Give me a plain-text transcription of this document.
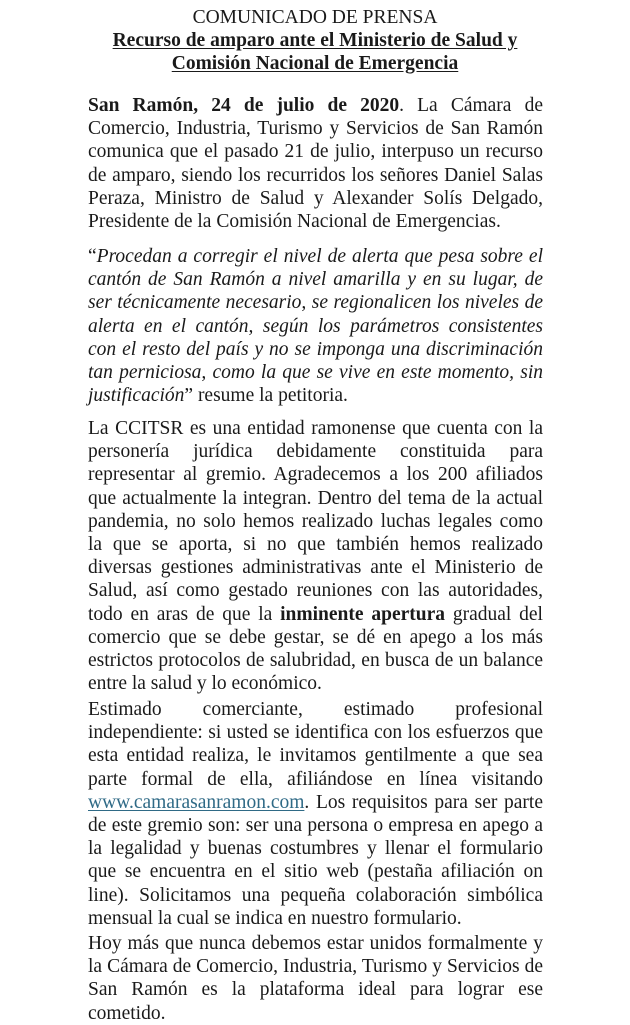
COMUNICADO DE PRENSA
Recurso de amparo ante el Ministerio de Salud y
Comisión Nacional de Emergencia

San Ramón, 24 de julio de 2020. La Cámara de Comercio, Industria, Turismo y Servicios de San Ramón comunica que el pasado 21 de julio, interpuso un recurso de amparo, siendo los recurridos los señores Daniel Salas Peraza, Ministro de Salud y Alexander Solís Delgado, Presidente de la Comisión Nacional de Emergencias.

“Procedan a corregir el nivel de alerta que pesa sobre el cantón de San Ramón a nivel amarilla y en su lugar, de ser técnicamente necesario, se regionalicen los niveles de alerta en el cantón, según los parámetros consistentes con el resto del país y no se imponga una discriminación tan perniciosa, como la que se vive en este momento, sin justificación” resume la petitoria.

La CCITSR es una entidad ramonense que cuenta con la personería jurídica debidamente constituida para representar al gremio. Agradecemos a los 200 afiliados que actualmente la integran. Dentro del tema de la actual pandemia, no solo hemos realizado luchas legales como la que se aporta, si no que también hemos realizado diversas gestiones administrativas ante el Ministerio de Salud, así como gestado reuniones con las autoridades, todo en aras de que la inminente apertura gradual del comercio que se debe gestar, se dé en apego a los más estrictos protocolos de salubridad, en busca de un balance entre la salud y lo económico.

Estimado comerciante, estimado profesional independiente: si usted se identifica con los esfuerzos que esta entidad realiza, le invitamos gentilmente a que sea parte formal de ella, afiliándose en línea visitando www.camarasanramon.com. Los requisitos para ser parte de este gremio son: ser una persona o empresa en apego a la legalidad y buenas costumbres y llenar el formulario que se encuentra en el sitio web (pestaña afiliación on line). Solicitamos una pequeña colaboración simbólica mensual la cual se indica en nuestro formulario.

Hoy más que nunca debemos estar unidos formalmente y la Cámara de Comercio, Industria, Turismo y Servicios de San Ramón es la plataforma ideal para lograr ese cometido.
